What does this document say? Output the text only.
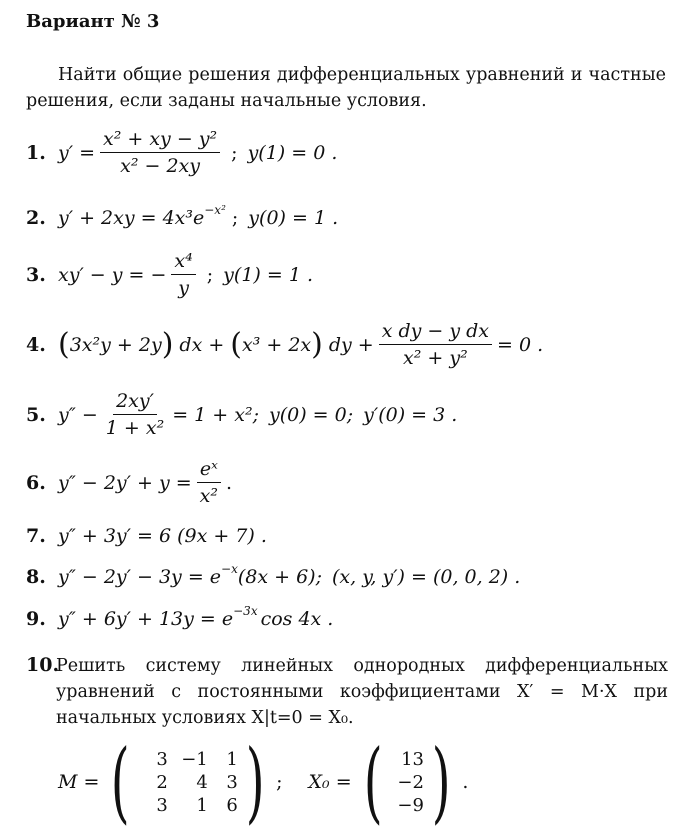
Вариант № 3
Найти общие решения дифференциальных уравнений и частные решения, если заданы начальные условия.
1. $y' = \frac{\text{x² + xy − y²}}{\text{x² − 2xy}}$ ; y(1) = 0 .
2. $y' + 2xy = 4x^3e^{-x^2}$ ; y(0) = 1 .
3. xy′ − y = − $\frac{\text{x⁴}}{y}$ ; y(1) = 1 .
4. ( 3x²y + 2y ) dx + ( x³ + 2x ) dy + $\frac{\text{x dy − y dx}}{\text{x² + y²}} = 0$ .
5. $y'' - \frac{2xy'}{\text{1 + x²}} = 1 + x^2$; y(0) = 0; y′(0) = 3 .
6. $y'' - 2y' + y = \frac{\text{eˣ}}{\text{x²}}$ .
7. y″ + 3y′ = 6 (9x + 7) .
8. $y'' - 2y' - 3y = e^{-x}$ (8x + 6); (x, y, y′) = (0, 0, 2) .
9. $y'' + 6y' + 13y = e^{-3x}$ cos 4x .
10.
Решить систему линейных однородных дифференциальных уравнений с постоянными коэффициентами X′ = M·X при начальных условиях X|t=0 = X₀.
M = (	3 −1	1
2	4	3
3	1	6 ) ; X₀ = (	13
−2
−9 ) .
